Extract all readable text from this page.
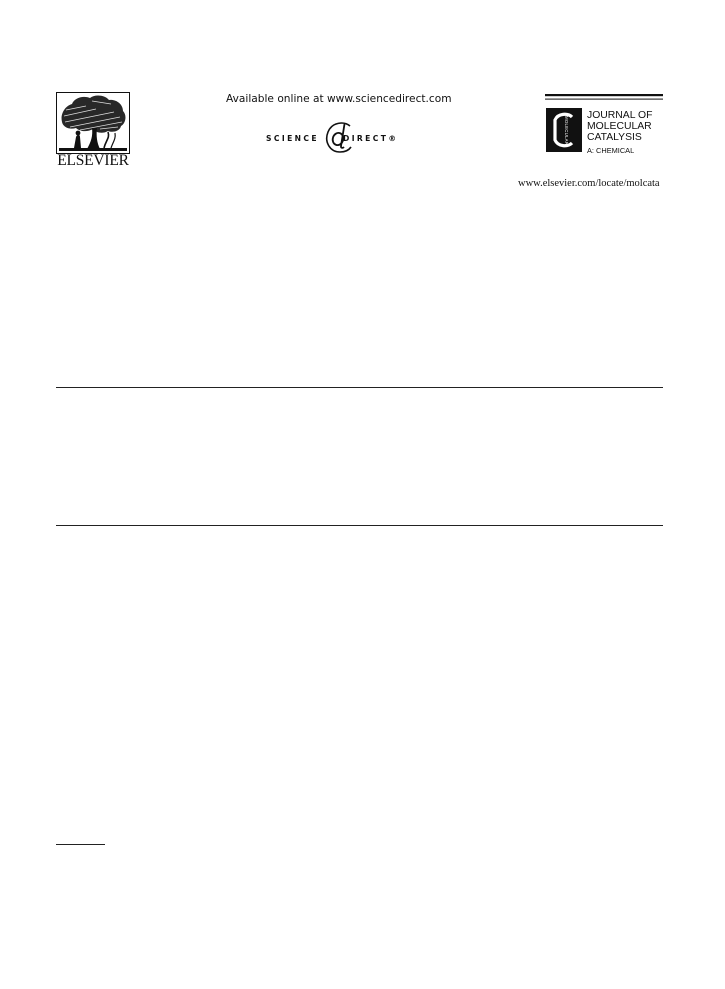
ELSEVIER
Available online at www.sciencedirect.com
SCIENCE	DIRECT®	MOLECULAR
JOURNAL OF
MOLECULAR
CATALYSIS
A: CHEMICAL
www.elsevier.com/locate/molcata
